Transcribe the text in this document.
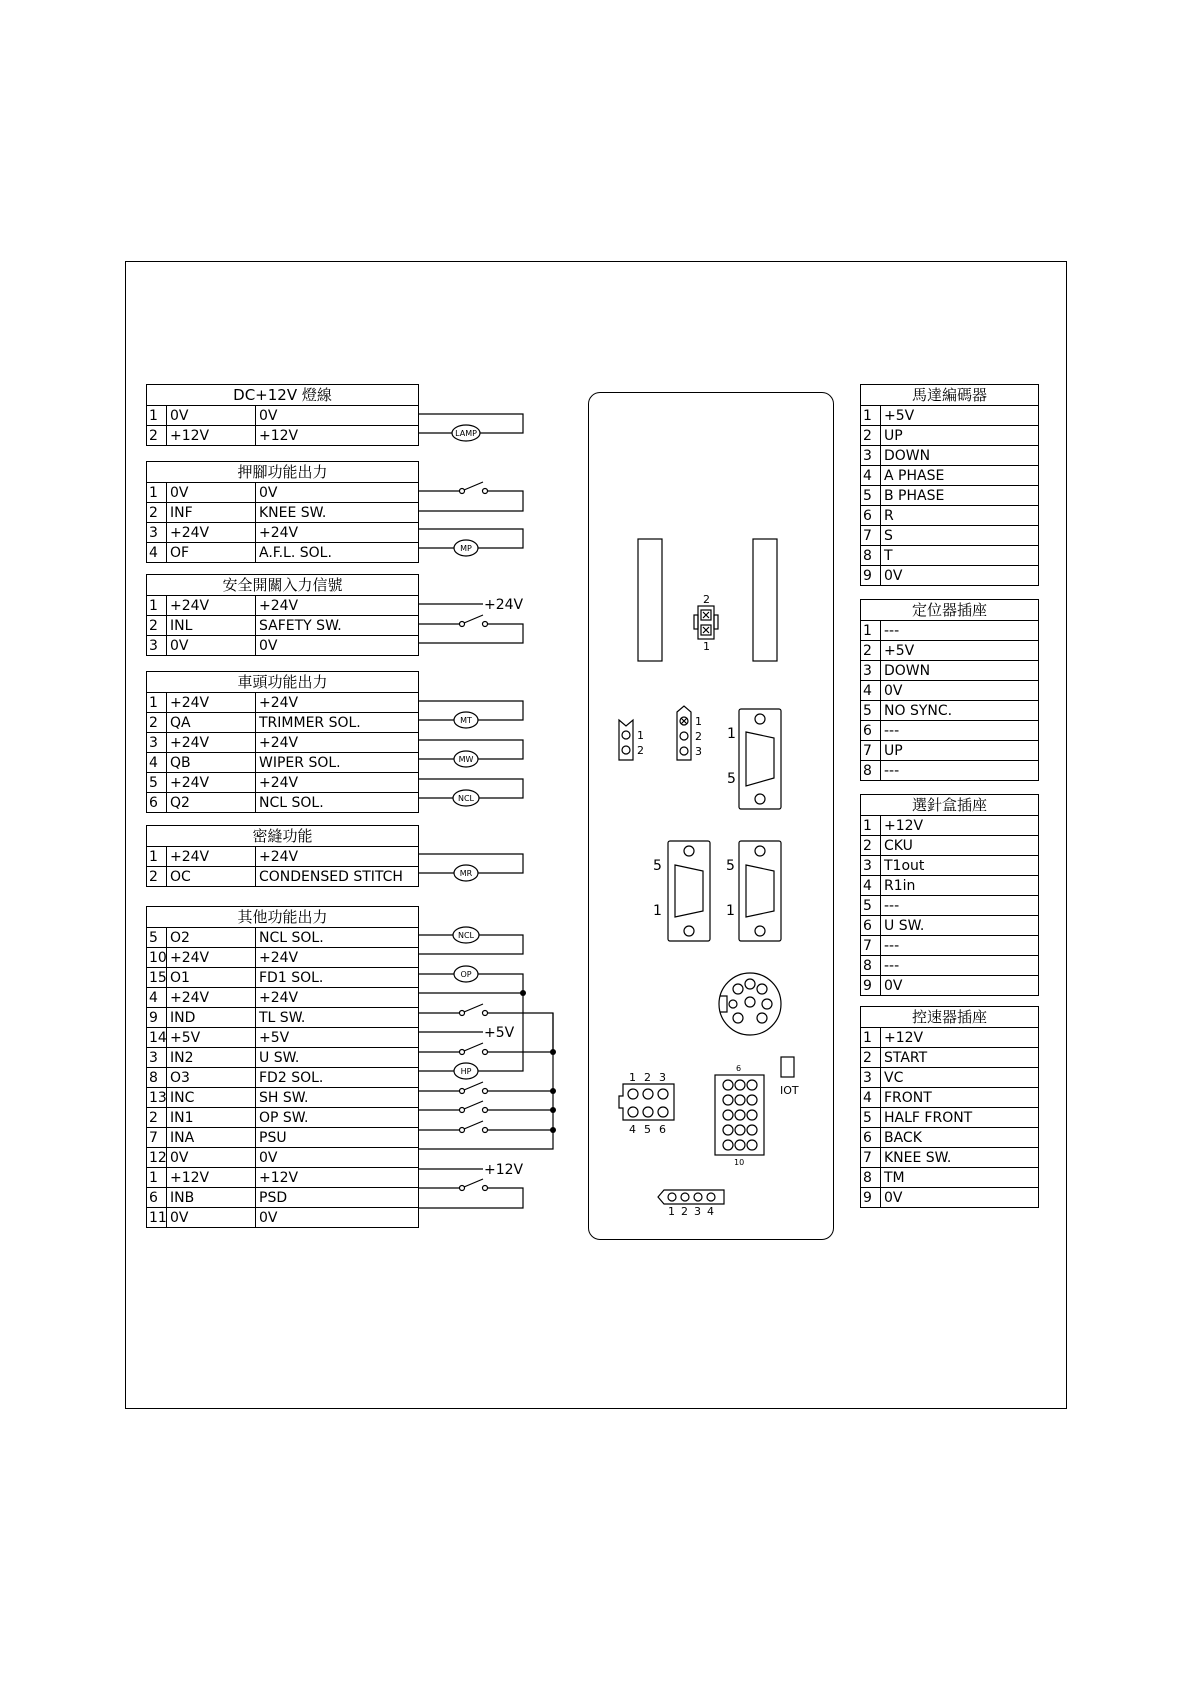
LAMP
MP
MT
MW
NCL
MR
NCL
OP
HP
+24V
+5V
+12V
1
2
1
2
3
2
1
1 2 3 4
1 2 3
4 5 6
IOT
6
10
1
5
5
1
5
1
DC+12V 燈線		
1	0V	0V
2	+12V	+12V
押腳功能出力		
1	0V	0V
2	INF	KNEE SW.
3	+24V	+24V
4	OF	A.F.L. SOL.
安全開關入力信號		
1	+24V	+24V
2	INL	SAFETY SW.
3	0V	0V
車頭功能出力		
1	+24V	+24V
2	QA	TRIMMER SOL.
3	+24V	+24V
4	QB	WIPER SOL.
5	+24V	+24V
6	Q2	NCL SOL.
密縫功能		
1	+24V	+24V
2	OC	CONDENSED STITCH
其他功能出力		
5	O2	NCL SOL.
10	+24V	+24V
15	O1	FD1 SOL.
4	+24V	+24V
9	IND	TL SW.
14	+5V	+5V
3	IN2	U SW.
8	O3	FD2 SOL.
13	INC	SH SW.
2	IN1	OP SW.
7	INA	PSU
12	0V	0V
1	+12V	+12V
6	INB	PSD
11	0V	0V
馬達編碼器	
1	+5V
2	UP
3	DOWN
4	A PHASE
5	B PHASE
6	R
7	S
8	T
9	0V
定位器插座	
1	---
2	+5V
3	DOWN
4	0V
5	NO SYNC.
6	---
7	UP
8	---
選針盒插座	
1	+12V
2	CKU
3	T1out
4	R1in
5	---
6	U SW.
7	---
8	---
9	0V
控速器插座	
1	+12V
2	START
3	VC
4	FRONT
5	HALF FRONT
6	BACK
7	KNEE SW.
8	TM
9	0V
